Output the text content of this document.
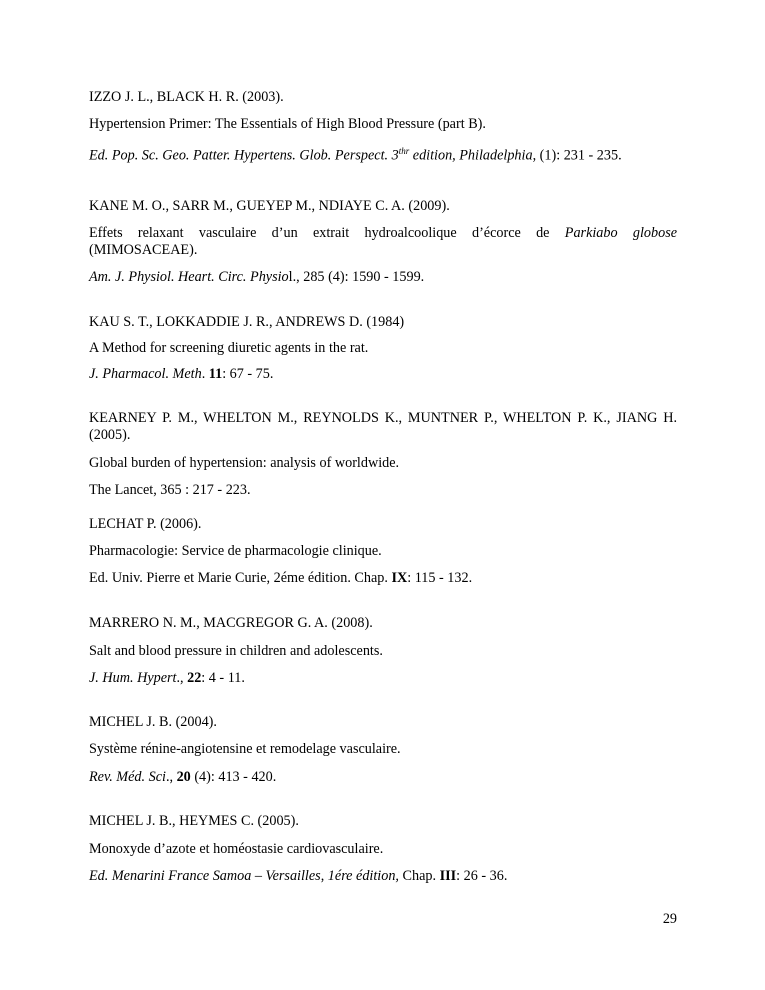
IZZO J. L., BLACK H. R. (2003).
Hypertension Primer: The Essentials of High Blood Pressure (part B).
Ed. Pop. Sc. Geo. Patter. Hypertens. Glob. Perspect. $3^{thr}$ edition, Philadelphia, (1): 231 - 235.
KANE M. O., SARR M., GUEYEP M., NDIAYE C. A. (2009).
Effets relaxant vasculaire d’un extrait hydroalcoolique d’écorce de Parkiabo globose (MIMOSACEAE).
Am. J. Physiol. Heart. Circ. Physiol., 285 (4): 1590 - 1599.
KAU S. T., LOKKADDIE J. R., ANDREWS D. (1984)
A Method for screening diuretic agents in the rat.
J. Pharmacol. Meth. 11: 67 - 75.
KEARNEY P. M., WHELTON M., REYNOLDS K., MUNTNER P., WHELTON P. K., JIANG H. (2005).
Global burden of hypertension: analysis of worldwide.
The Lancet, 365 : 217 - 223.
LECHAT P. (2006).
Pharmacologie: Service de pharmacologie clinique.
Ed. Univ. Pierre et Marie Curie, 2éme édition. Chap. IX: 115 - 132.
MARRERO N. M., MACGREGOR G. A. (2008).
Salt and blood pressure in children and adolescents.
J. Hum. Hypert., 22: 4 - 11.
MICHEL J. B. (2004).
Système rénine-angiotensine et remodelage vasculaire.
Rev. Méd. Sci., 20 (4): 413 - 420.
MICHEL J. B., HEYMES C. (2005).
Monoxyde d’azote et homéostasie cardiovasculaire.
Ed. Menarini France Samoa – Versailles, 1ére édition, Chap. III: 26 - 36.
29
